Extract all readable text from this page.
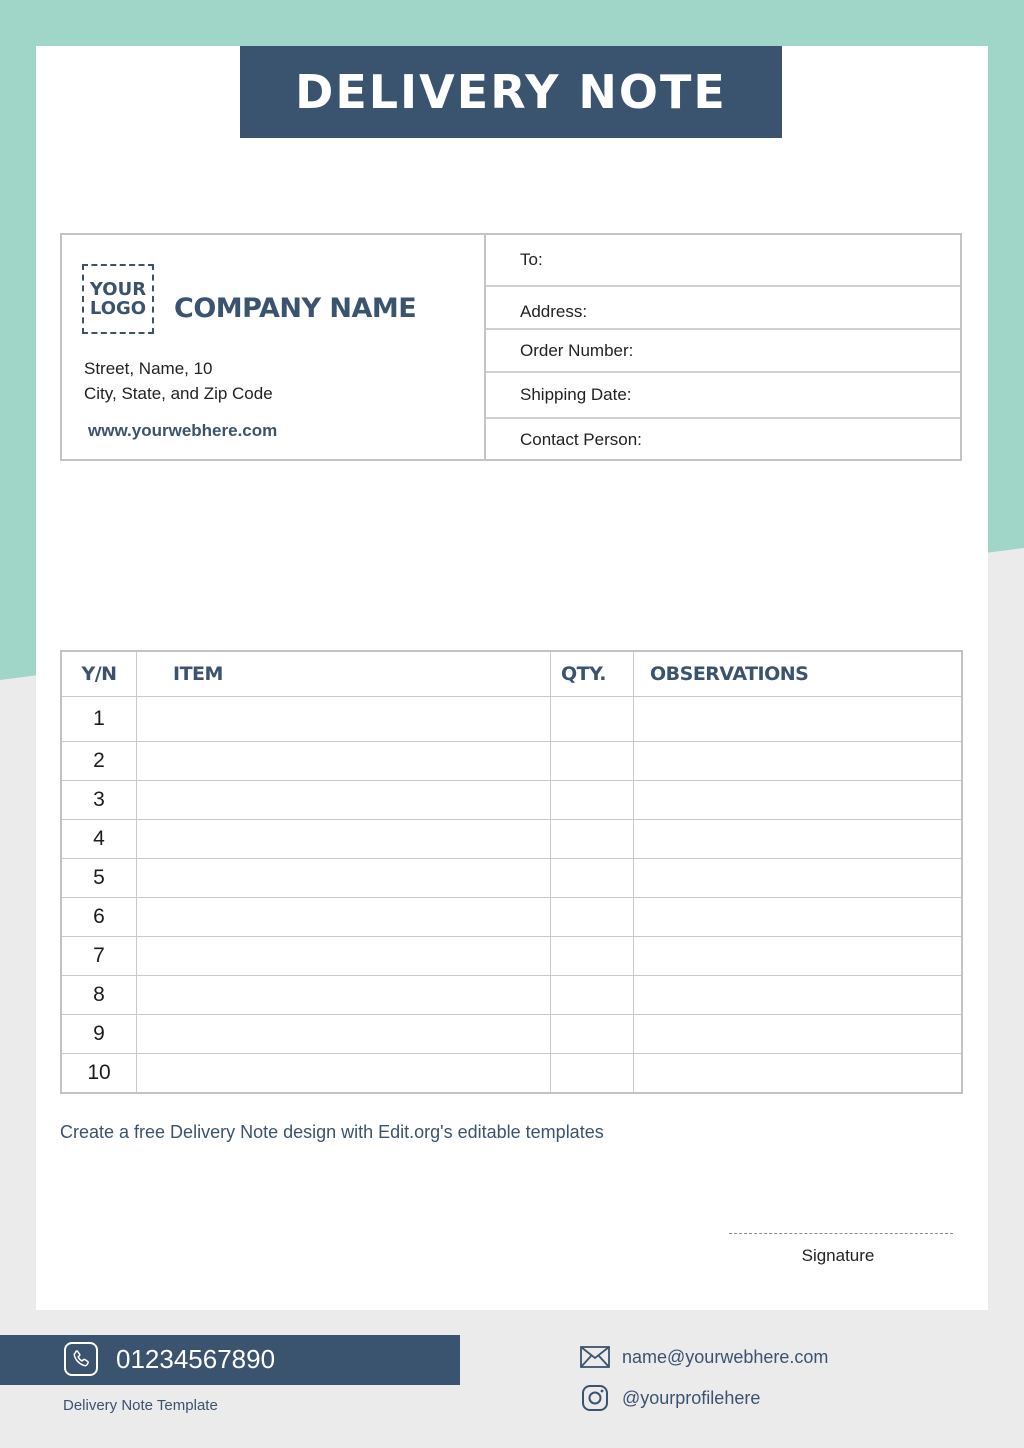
DELIVERY NOTE
YOUR
LOGO COMPANY NAME
Street, Name, 10
City, State, and Zip Code
www.yourwebhere.com
To:
Address:
Order Number:
Shipping Date:
Contact Person:
Y/N	ITEM	QTY.	OBSERVATIONS
1			
2			
3			
4			
5			
6			
7			
8			
9			
10			
Create a free Delivery Note design with Edit.org's editable templates
Signature
01234567890
Delivery Note Template
name@yourwebhere.com
@yourprofilehere
